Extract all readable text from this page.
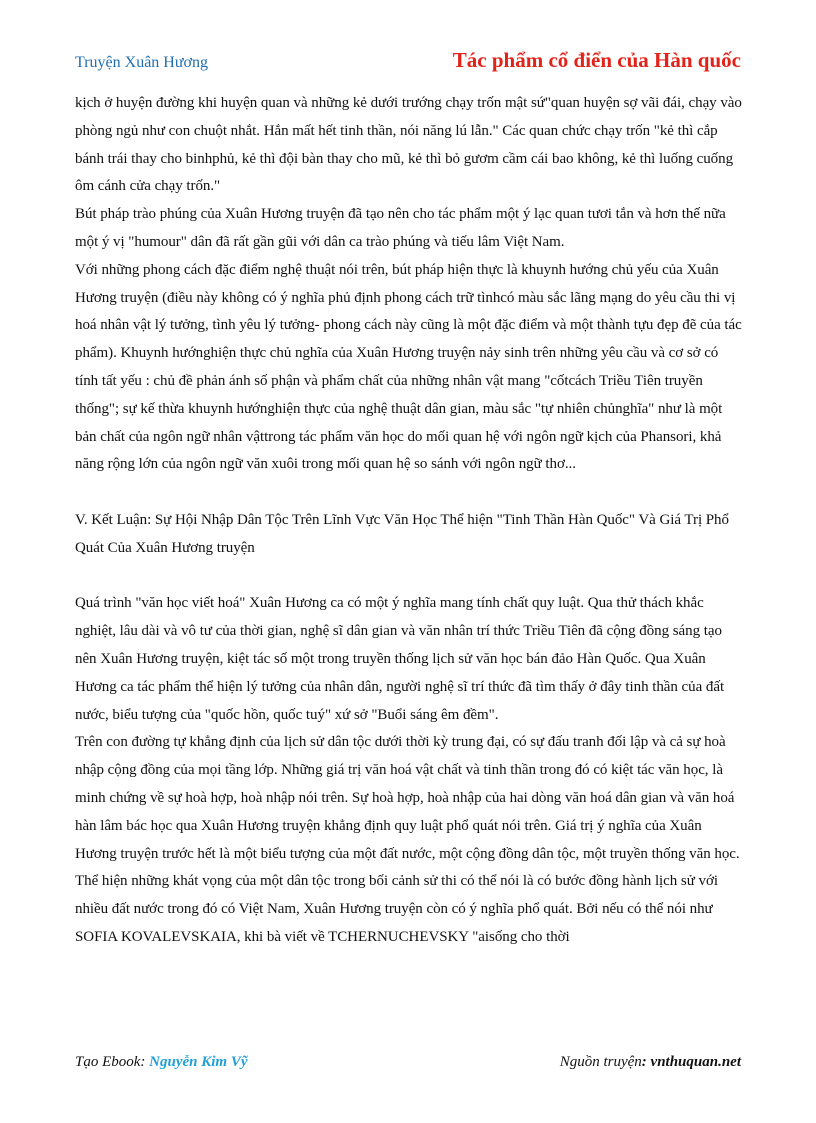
Truyện Xuân Hương	Tác phẩm cổ điển của Hàn quốc

kịch ở huyện đường khi huyện quan và những kẻ dưới trướng chạy trốn mật sứ"quan huyện sợ vãi đái, chạy vào phòng ngủ như con chuột nhắt. Hắn mất hết tinh thần, nói năng lú lẫn." Các quan chức chạy trốn "kẻ thì cắp bánh trái thay cho binhphủ, kẻ thì đội bàn thay cho mũ, kẻ thì bỏ gươm cầm cái bao không, kẻ thì luống cuống ôm cánh cửa chạy trốn."

Bút pháp trào phúng của Xuân Hương truyện đã tạo nên cho tác phẩm một ý lạc quan tươi tắn và hơn thế nữa một ý vị "humour" dân đã rất gần gũi với dân ca trào phúng và tiếu lâm Việt Nam.

Với những phong cách đặc điểm nghệ thuật nói trên, bút pháp hiện thực là khuynh hướng chủ yếu của Xuân Hương truyện (điều này không có ý nghĩa phủ định phong cách trữ tìnhcó màu sắc lãng mạng do yêu cầu thi vị hoá nhân vật lý tưởng, tình yêu lý tưởng- phong cách này cũng là một đặc điểm và một thành tựu đẹp đẽ của tác phẩm). Khuynh hướnghiện thực chủ nghĩa của Xuân Hương truyện nảy sinh trên những yêu cầu và cơ sở có tính tất yếu : chủ đề phản ánh số phận và phẩm chất của những nhân vật mang "cốtcách Triều Tiên truyền thống"; sự kế thừa khuynh hướnghiện thực của nghệ thuật dân gian, màu sắc "tự nhiên chủnghĩa" như là một bản chất của ngôn ngữ nhân vậttrong tác phẩm văn học do mối quan hệ với ngôn ngữ kịch của Phansori, khả năng rộng lớn của ngôn ngữ văn xuôi trong mối quan hệ so sánh với ngôn ngữ thơ...

V. Kết Luận: Sự Hội Nhập Dân Tộc Trên Lĩnh Vực Văn Học Thể hiện "Tinh Thần Hàn Quốc" Và Giá Trị Phổ Quát Của Xuân Hương truyện

Quá trình "văn học viết hoá" Xuân Hương ca có một ý nghĩa mang tính chất quy luật. Qua thử thách khắc nghiệt, lâu dài và vô tư của thời gian, nghệ sĩ dân gian và văn nhân trí thức Triều Tiên đã cộng đồng sáng tạo nên Xuân Hương truyện, kiệt tác số một trong truyền thống lịch sử văn học bán đảo Hàn Quốc. Qua Xuân Hương ca tác phẩm thể hiện lý tưởng của nhân dân, người nghệ sĩ trí thức đã tìm thấy ở đây tinh thần của đất nước, biểu tượng của "quốc hồn, quốc tuý" xứ sở "Buổi sáng êm đềm".

Trên con đường tự khẳng định của lịch sử dân tộc dưới thời kỳ trung đại, có sự đấu tranh đối lập và cả sự hoà nhập cộng đồng của mọi tầng lớp. Những giá trị văn hoá vật chất và tinh thần trong đó có kiệt tác văn học, là minh chứng về sự hoà hợp, hoà nhập nói trên. Sự hoà hợp, hoà nhập của hai dòng văn hoá dân gian và văn hoá hàn lâm bác học qua Xuân Hương truyện khẳng định quy luật phổ quát nói trên. Giá trị ý nghĩa của Xuân Hương truyện trước hết là một biểu tượng của một đất nước, một cộng đồng dân tộc, một truyền thống văn học.

Thể hiện những khát vọng của một dân tộc trong bối cảnh sử thi có thể nói là có bước đồng hành lịch sử với nhiều đất nước trong đó có Việt Nam, Xuân Hương truyện còn có ý nghĩa phổ quát. Bởi nếu có thể nói như SOFIA KOVALEVSKAIA, khi bà viết về TCHERNUCHEVSKY "aisống cho thời

Tạo Ebook: Nguyễn Kim Vỹ	Nguồn truyện: vnthuquan.net
